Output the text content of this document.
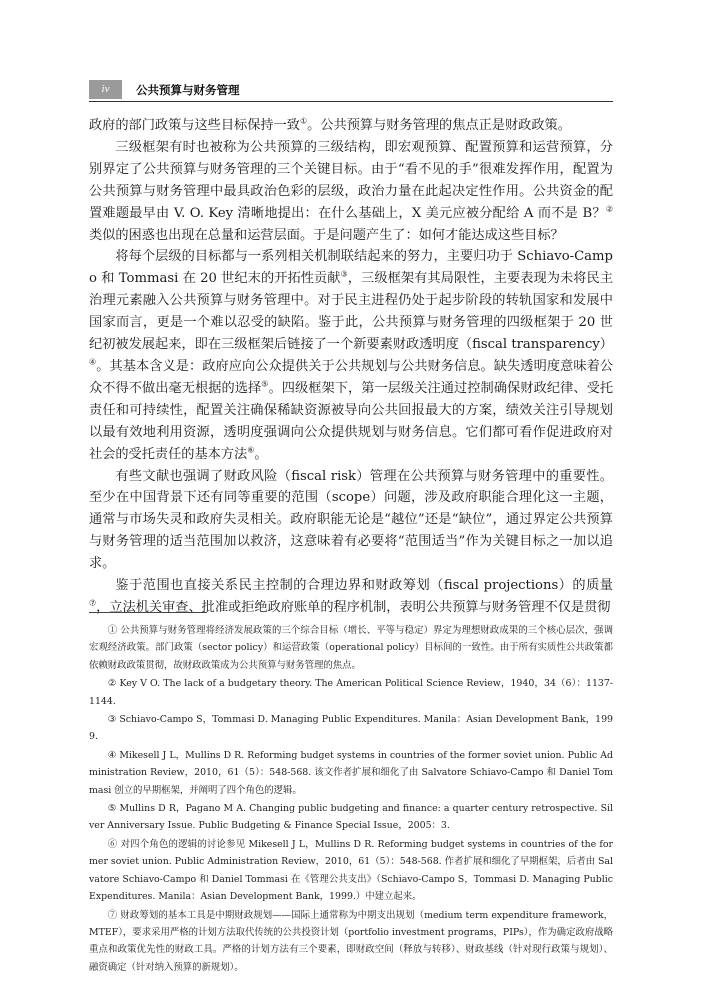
iv	公共预算与财务管理

政府的部门政策与这些目标保持一致①。公共预算与财务管理的焦点正是财政政策。

三级框架有时也被称为公共预算的三级结构，即宏观预算、配置预算和运营预算，分别界定了公共预算与财务管理的三个关键目标。由于“看不见的手”很难发挥作用，配置为公共预算与财务管理中最具政治色彩的层级，政治力量在此起决定性作用。公共资金的配置难题最早由 V. O. Key 清晰地提出：在什么基础上，X 美元应被分配给 A 而不是 B？②类似的困惑也出现在总量和运营层面。于是问题产生了：如何才能达成这些目标？

将每个层级的目标都与一系列相关机制联结起来的努力，主要归功于 Schiavo-Campo 和 Tommasi 在 20 世纪末的开拓性贡献③，三级框架有其局限性，主要表现为未将民主治理元素融入公共预算与财务管理中。对于民主进程仍处于起步阶段的转轨国家和发展中国家而言，更是一个难以忍受的缺陷。鉴于此，公共预算与财务管理的四级框架于 20 世纪初被发展起来，即在三级框架后链接了一个新要素财政透明度（fiscal transparency）④。其基本含义是：政府应向公众提供关于公共规划与公共财务信息。缺失透明度意味着公众不得不做出毫无根据的选择⑤。四级框架下，第一层级关注通过控制确保财政纪律、受托责任和可持续性，配置关注确保稀缺资源被导向公共回报最大的方案，绩效关注引导规划以最有效地利用资源，透明度强调向公众提供规划与财务信息。它们都可看作促进政府对社会的受托责任的基本方法⑥。

有些文献也强调了财政风险（fiscal risk）管理在公共预算与财务管理中的重要性。至少在中国背景下还有同等重要的范围（scope）问题，涉及政府职能合理化这一主题，通常与市场失灵和政府失灵相关。政府职能无论是“越位”还是“缺位”，通过界定公共预算与财务管理的适当范围加以救济，这意味着有必要将“范围适当”作为关键目标之一加以追求。

鉴于范围也直接关系民主控制的合理边界和财政筹划（fiscal projections）的质量⑦，立法机关审查、批准或拒绝政府账单的程序机制，表明公共预算与财务管理不仅是贯彻

① 公共预算与财务管理将经济发展政策的三个综合目标（增长、平等与稳定）界定为理想财政成果的三个核心层次，强调宏观经济政策。部门政策（sector policy）和运营政策（operational policy）目标间的一致性。由于所有实质性公共政策都依赖财政政策贯彻，故财政政策成为公共预算与财务管理的焦点。

② Key V O. The lack of a budgetary theory. The American Political Science Review，1940，34（6）：1137-1144.

③ Schiavo-Campo S，Tommasi D. Managing Public Expenditures. Manila：Asian Development Bank，1999.

④ Mikesell J L，Mullins D R. Reforming budget systems in countries of the former soviet union. Public Administration Review，2010，61（5）：548-568. 该文作者扩展和细化了由 Salvatore Schiavo-Campo 和 Daniel Tommasi 创立的早期框架，并阐明了四个角色的逻辑。

⑤ Mullins D R，Pagano M A. Changing public budgeting and finance: a quarter century retrospective. Silver Anniversary Issue. Public Budgeting & Finance Special Issue，2005：3.

⑥ 对四个角色的逻辑的讨论参见 Mikesell J L，Mullins D R. Reforming budget systems in countries of the former soviet union. Public Administration Review，2010，61（5）：548-568. 作者扩展和细化了早期框架，后者由 Salvatore Schiavo-Campo 和 Daniel Tommasi 在《管理公共支出》（Schiavo-Campo S，Tommasi D. Managing Public Expenditures. Manila：Asian Development Bank，1999.）中建立起来。

⑦ 财政筹划的基本工具是中期财政规划——国际上通常称为中期支出规划（medium term expenditure framework，MTEF），要求采用严格的计划方法取代传统的公共投资计划（portfolio investment programs，PIPs），作为确定政府战略重点和政策优先性的财政工具。严格的计划方法有三个要素，即财政空间（释放与转移）、财政基线（针对现行政策与规划）、融资确定（针对纳入预算的新规划）。
